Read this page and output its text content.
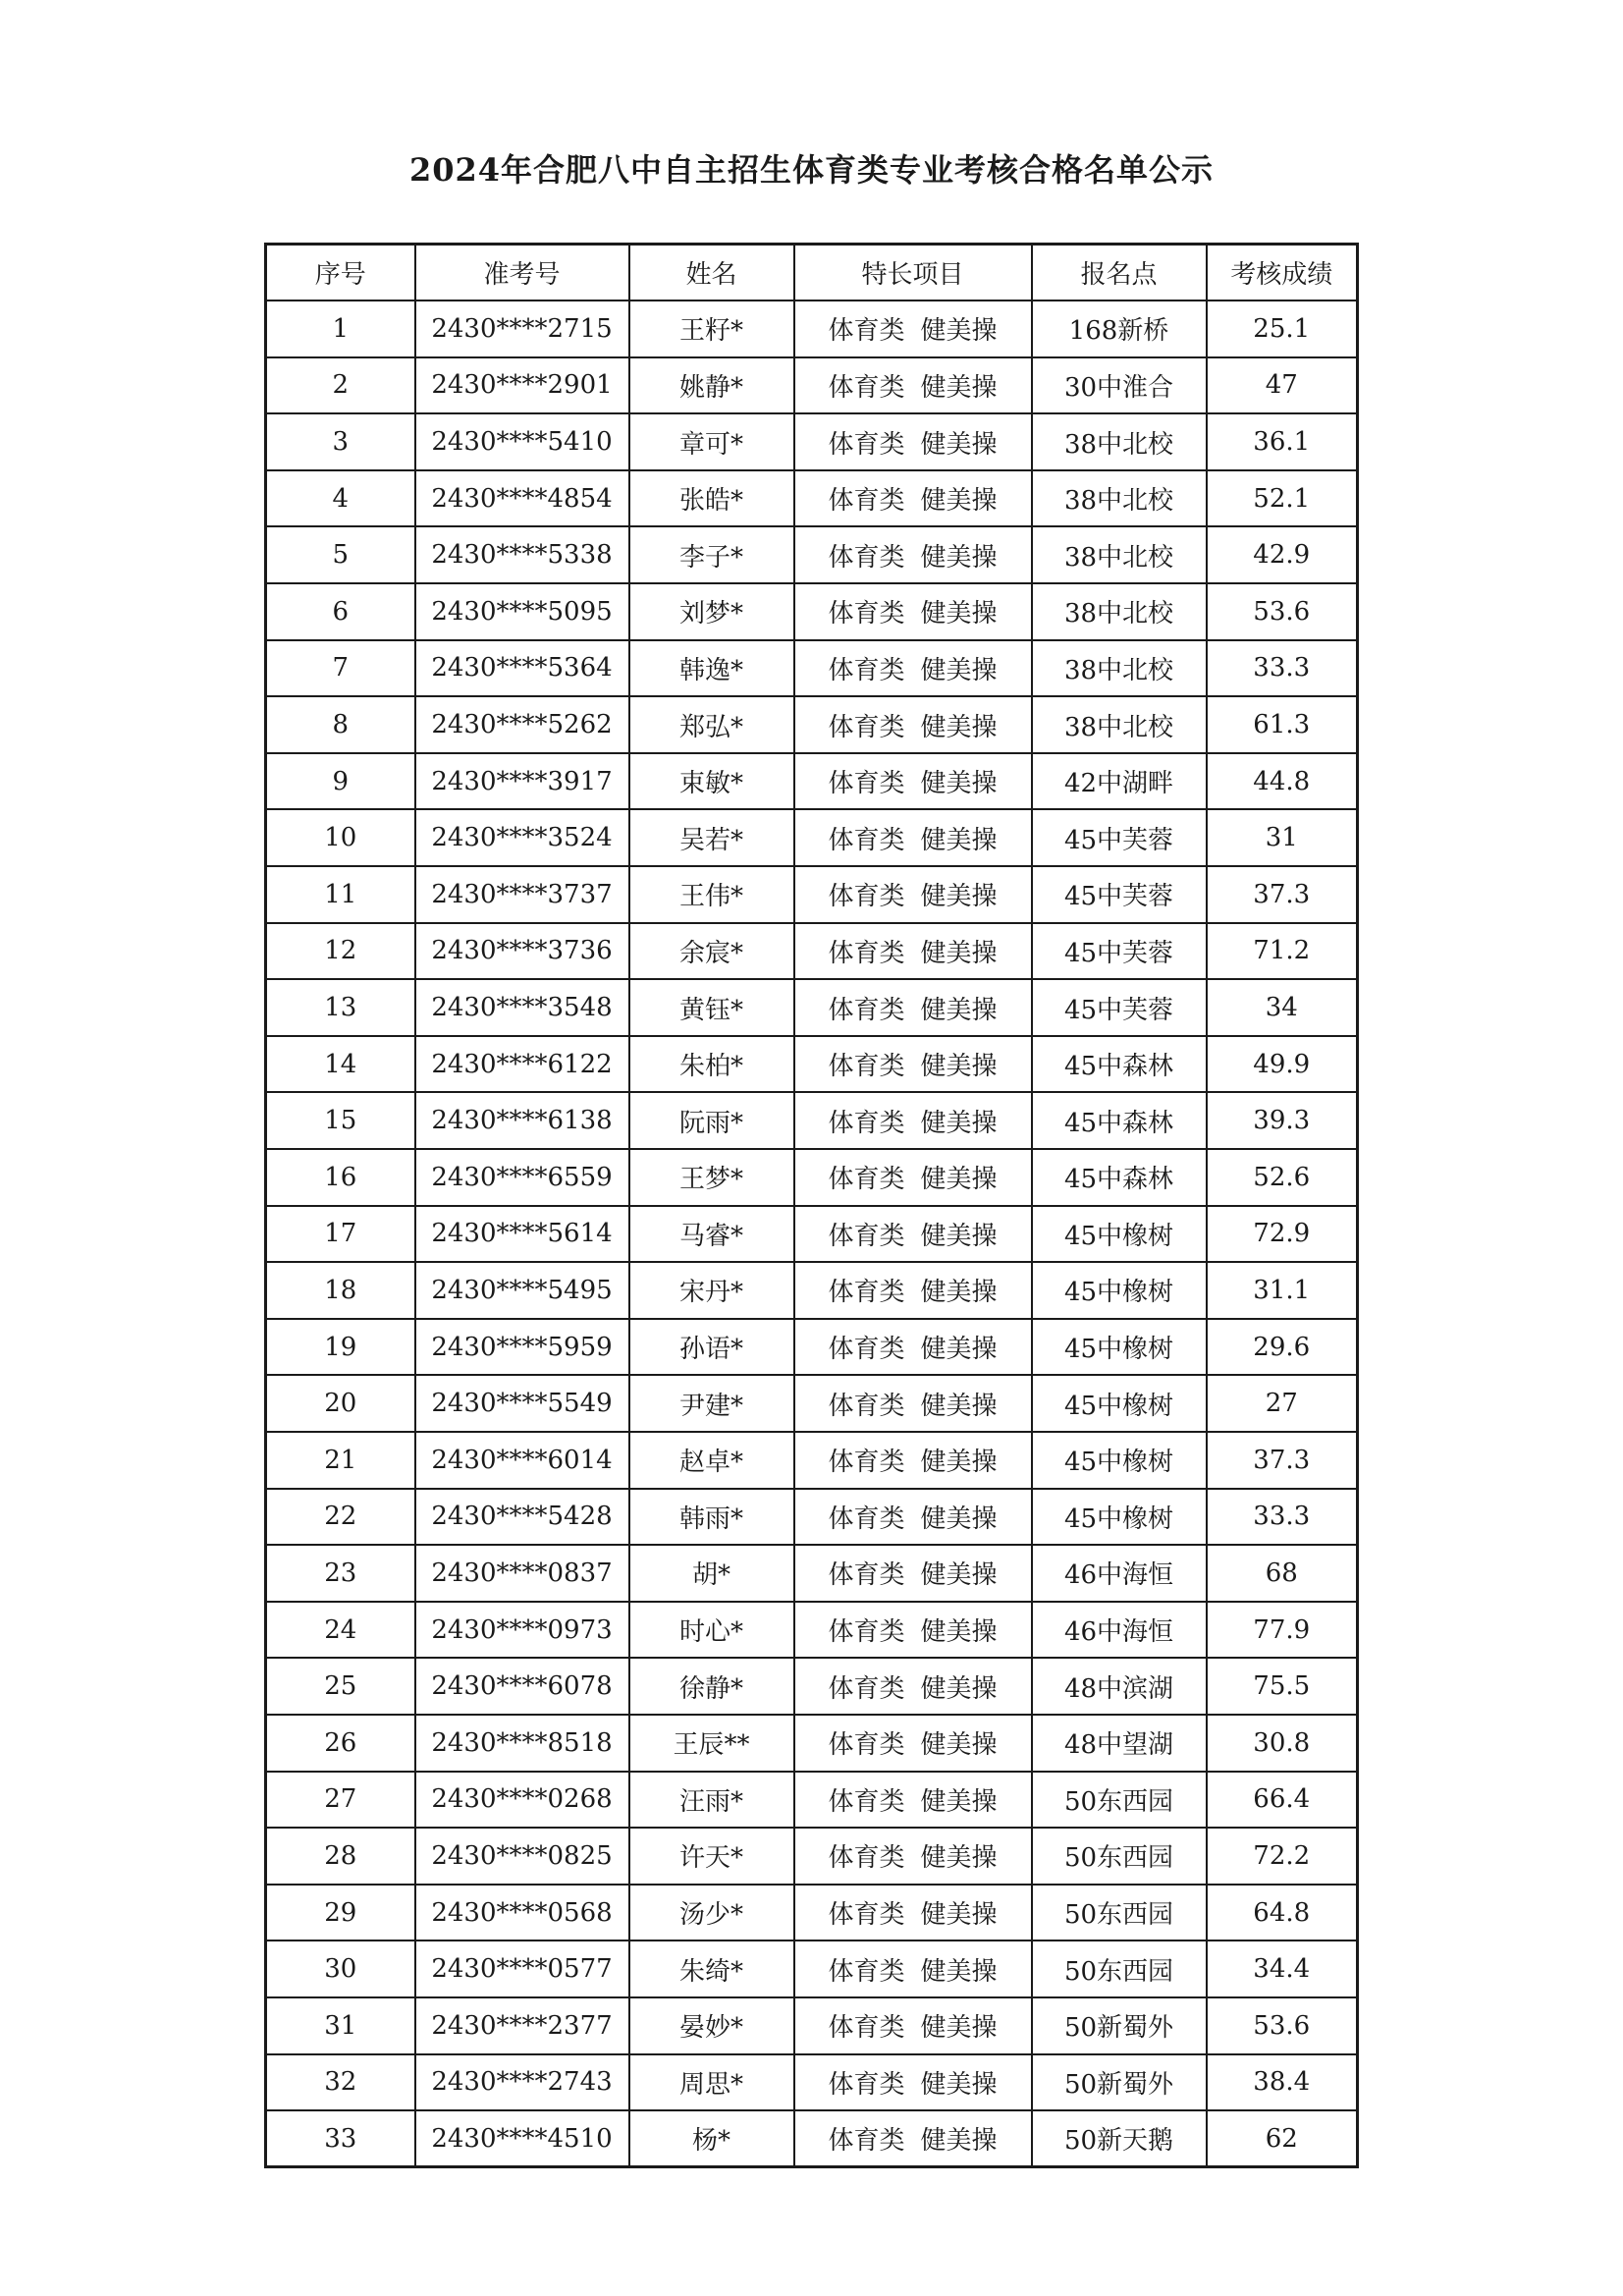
2024年合肥八中自主招生体育类专业考核合格名单公示
序号	准考号	姓名	特长项目	报名点	考核成绩
1	2430****2715	王籽*	体育类 健美操	168新桥	25.1
2	2430****2901	姚静*	体育类 健美操	30中淮合	47
3	2430****5410	章可*	体育类 健美操	38中北校	36.1
4	2430****4854	张皓*	体育类 健美操	38中北校	52.1
5	2430****5338	李子*	体育类 健美操	38中北校	42.9
6	2430****5095	刘梦*	体育类 健美操	38中北校	53.6
7	2430****5364	韩逸*	体育类 健美操	38中北校	33.3
8	2430****5262	郑弘*	体育类 健美操	38中北校	61.3
9	2430****3917	束敏*	体育类 健美操	42中湖畔	44.8
10	2430****3524	吴若*	体育类 健美操	45中芙蓉	31
11	2430****3737	王伟*	体育类 健美操	45中芙蓉	37.3
12	2430****3736	余宸*	体育类 健美操	45中芙蓉	71.2
13	2430****3548	黄钰*	体育类 健美操	45中芙蓉	34
14	2430****6122	朱柏*	体育类 健美操	45中森林	49.9
15	2430****6138	阮雨*	体育类 健美操	45中森林	39.3
16	2430****6559	王梦*	体育类 健美操	45中森林	52.6
17	2430****5614	马睿*	体育类 健美操	45中橡树	72.9
18	2430****5495	宋丹*	体育类 健美操	45中橡树	31.1
19	2430****5959	孙语*	体育类 健美操	45中橡树	29.6
20	2430****5549	尹建*	体育类 健美操	45中橡树	27
21	2430****6014	赵卓*	体育类 健美操	45中橡树	37.3
22	2430****5428	韩雨*	体育类 健美操	45中橡树	33.3
23	2430****0837	胡*	体育类 健美操	46中海恒	68
24	2430****0973	时心*	体育类 健美操	46中海恒	77.9
25	2430****6078	徐静*	体育类 健美操	48中滨湖	75.5
26	2430****8518	王辰**	体育类 健美操	48中望湖	30.8
27	2430****0268	汪雨*	体育类 健美操	50东西园	66.4
28	2430****0825	许天*	体育类 健美操	50东西园	72.2
29	2430****0568	汤少*	体育类 健美操	50东西园	64.8
30	2430****0577	朱绮*	体育类 健美操	50东西园	34.4
31	2430****2377	晏妙*	体育类 健美操	50新蜀外	53.6
32	2430****2743	周思*	体育类 健美操	50新蜀外	38.4
33	2430****4510	杨*	体育类 健美操	50新天鹅	62
